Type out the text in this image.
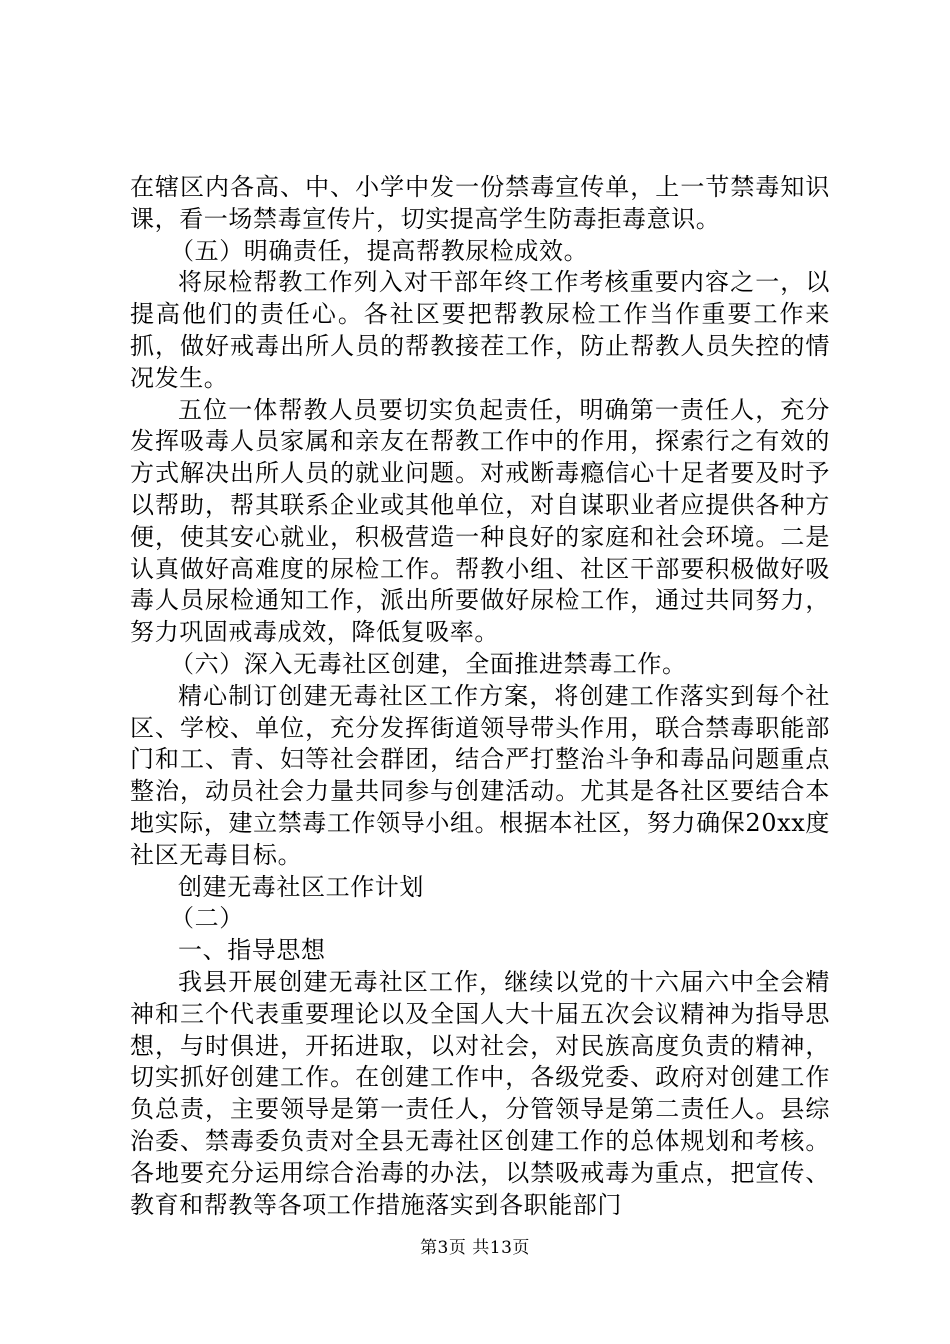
在辖区内各高、中、小学中发一份禁毒宣传单，上一节禁毒知识课，看一场禁毒宣传片，切实提高学生防毒拒毒意识。

（五）明确责任，提高帮教尿检成效。

将尿检帮教工作列入对干部年终工作考核重要内容之一，以提高他们的责任心。各社区要把帮教尿检工作当作重要工作来抓，做好戒毒出所人员的帮教接茬工作，防止帮教人员失控的情况发生。

五位一体帮教人员要切实负起责任，明确第一责任人，充分发挥吸毒人员家属和亲友在帮教工作中的作用，探索行之有效的方式解决出所人员的就业问题。对戒断毒瘾信心十足者要及时予以帮助，帮其联系企业或其他单位，对自谋职业者应提供各种方便，使其安心就业，积极营造一种良好的家庭和社会环境。二是认真做好高难度的尿检工作。帮教小组、社区干部要积极做好吸毒人员尿检通知工作，派出所要做好尿检工作，通过共同努力，努力巩固戒毒成效，降低复吸率。

（六）深入无毒社区创建，全面推进禁毒工作。

精心制订创建无毒社区工作方案，将创建工作落实到每个社区、学校、单位，充分发挥街道领导带头作用，联合禁毒职能部门和工、青、妇等社会群团，结合严打整治斗争和毒品问题重点整治，动员社会力量共同参与创建活动。尤其是各社区要结合本地实际，建立禁毒工作领导小组。根据本社区，努力确保20xx度社区无毒目标。

创建无毒社区工作计划

（二）

一、指导思想

我县开展创建无毒社区工作，继续以党的十六届六中全会精神和三个代表重要理论以及全国人大十届五次会议精神为指导思想，与时俱进，开拓进取，以对社会，对民族高度负责的精神，切实抓好创建工作。在创建工作中，各级党委、政府对创建工作负总责，主要领导是第一责任人，分管领导是第二责任人。县综治委、禁毒委负责对全县无毒社区创建工作的总体规划和考核。各地要充分运用综合治毒的办法，以禁吸戒毒为重点，把宣传、教育和帮教等各项工作措施落实到各职能部门

第3页 共13页
